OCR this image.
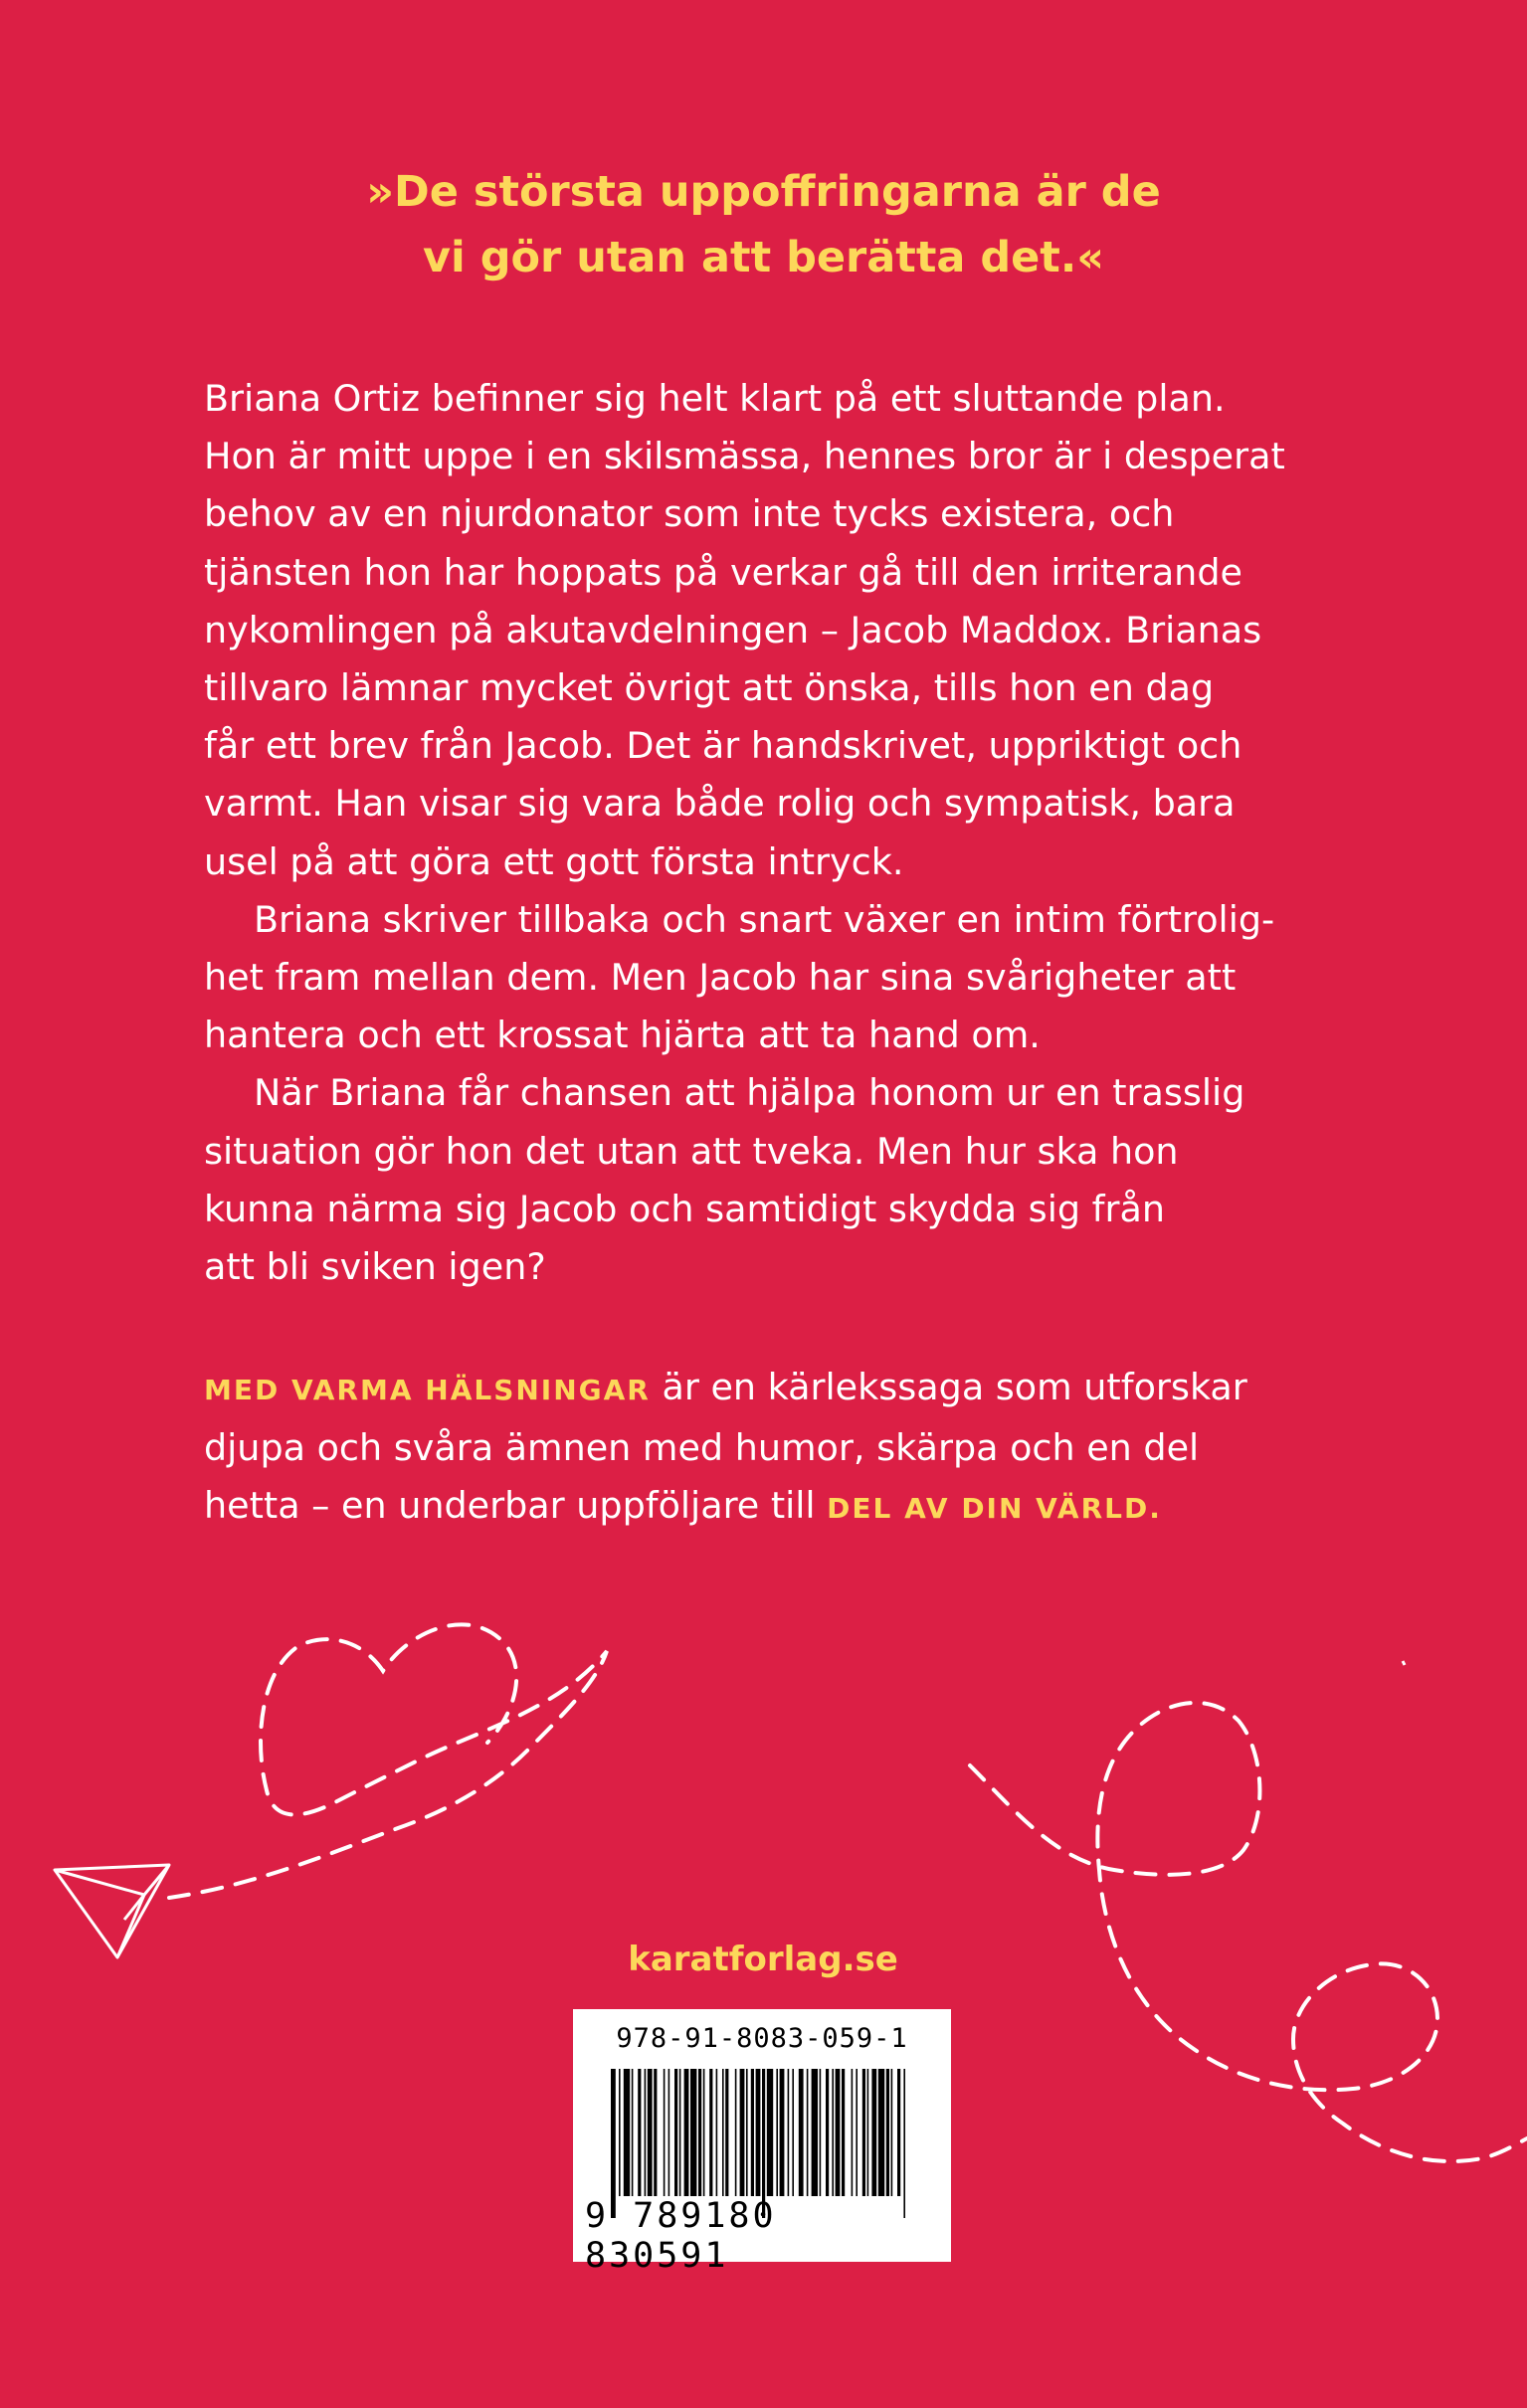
»De största uppoffringarna är de
vi gör utan att berätta det.«

Briana Ortiz befinner sig helt klart på ett sluttande plan.

Hon är mitt uppe i en skilsmässa, hennes bror är i desperat

behov av en njurdonator som inte tycks existera, och

tjänsten hon har hoppats på verkar gå till den irriterande

nykomlingen på akutavdelningen – Jacob Maddox. Brianas

tillvaro lämnar mycket övrigt att önska, tills hon en dag

får ett brev från Jacob. Det är handskrivet, uppriktigt och

varmt. Han visar sig vara både rolig och sympatisk, bara

usel på att göra ett gott första intryck.

Briana skriver tillbaka och snart växer en intim förtrolig-

het fram mellan dem. Men Jacob har sina svårigheter att

hantera och ett krossat hjärta att ta hand om.

När Briana får chansen att hjälpa honom ur en trasslig

situation gör hon det utan att tveka. Men hur ska hon

kunna närma sig Jacob och samtidigt skydda sig från

att bli sviken igen?

MED VARMA HÄLSNINGAR är en kärlekssaga som utforskar

djupa och svåra ämnen med humor, skärpa och en del

hetta – en underbar uppföljare till DEL AV DIN VÄRLD.

karatforlag.se
978-91-8083-059-1
9 789180 830591
